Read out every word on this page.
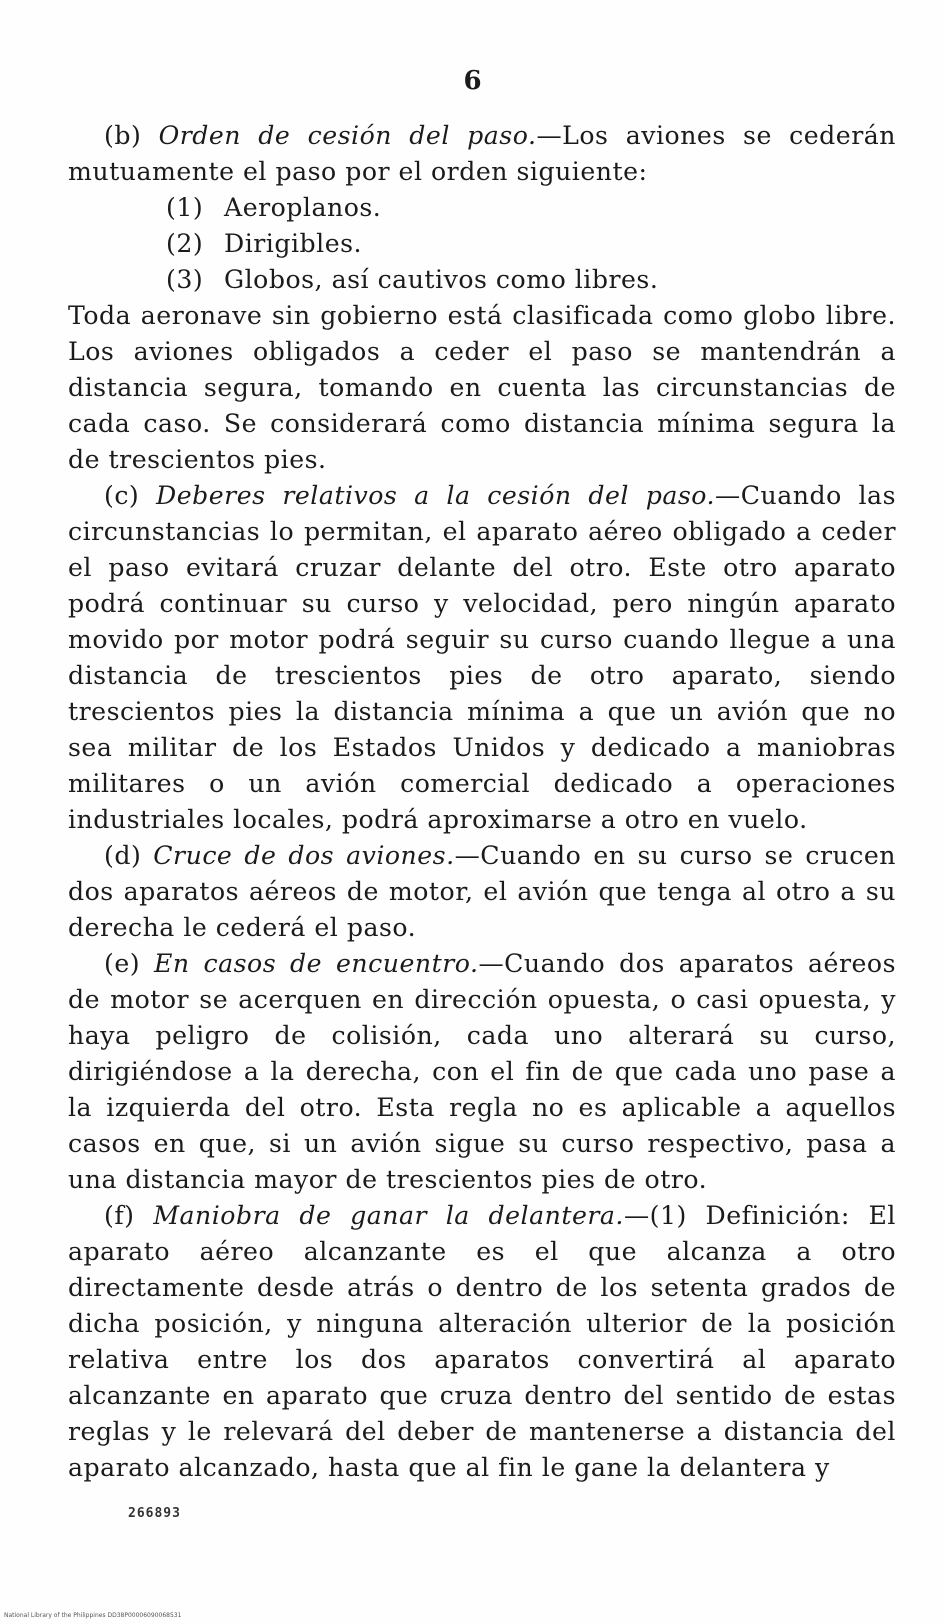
6

(b) Orden de cesión del paso.—Los aviones se cederán mutuamente el paso por el orden siguiente:

(1) Aeroplanos.
(2) Dirigibles.
(3) Globos, así cautivos como libres.

Toda aeronave sin gobierno está clasificada como globo libre. Los aviones obligados a ceder el paso se mantendrán a distancia segura, tomando en cuenta las circunstancias de cada caso. Se considerará como distancia mínima segura la de trescientos pies.

(c) Deberes relativos a la cesión del paso.—Cuando las circunstancias lo permitan, el aparato aéreo obligado a ceder el paso evitará cruzar delante del otro. Este otro aparato podrá continuar su curso y velocidad, pero ningún aparato movido por motor podrá seguir su curso cuando llegue a una distancia de trescientos pies de otro aparato, siendo trescientos pies la distancia mínima a que un avión que no sea militar de los Estados Unidos y dedicado a maniobras militares o un avión comercial dedicado a operaciones industriales locales, podrá aproximarse a otro en vuelo.

(d) Cruce de dos aviones.—Cuando en su curso se crucen dos aparatos aéreos de motor, el avión que tenga al otro a su derecha le cederá el paso.

(e) En casos de encuentro.—Cuando dos aparatos aéreos de motor se acerquen en dirección opuesta, o casi opuesta, y haya peligro de colisión, cada uno alterará su curso, dirigiéndose a la derecha, con el fin de que cada uno pase a la izquierda del otro. Esta regla no es aplicable a aquellos casos en que, si un avión sigue su curso respectivo, pasa a una distancia mayor de trescientos pies de otro.

(f) Maniobra de ganar la delantera.—(1) Definición: El aparato aéreo alcanzante es el que alcanza a otro directamente desde atrás o dentro de los setenta grados de dicha posición, y ninguna alteración ulterior de la posición relativa entre los dos aparatos convertirá al aparato alcanzante en aparato que cruza dentro del sentido de estas reglas y le relevará del deber de mantenerse a distancia del aparato alcanzado, hasta que al fin le gane la delantera y

266893
National Library of the Philippines DD38P00006090068531
